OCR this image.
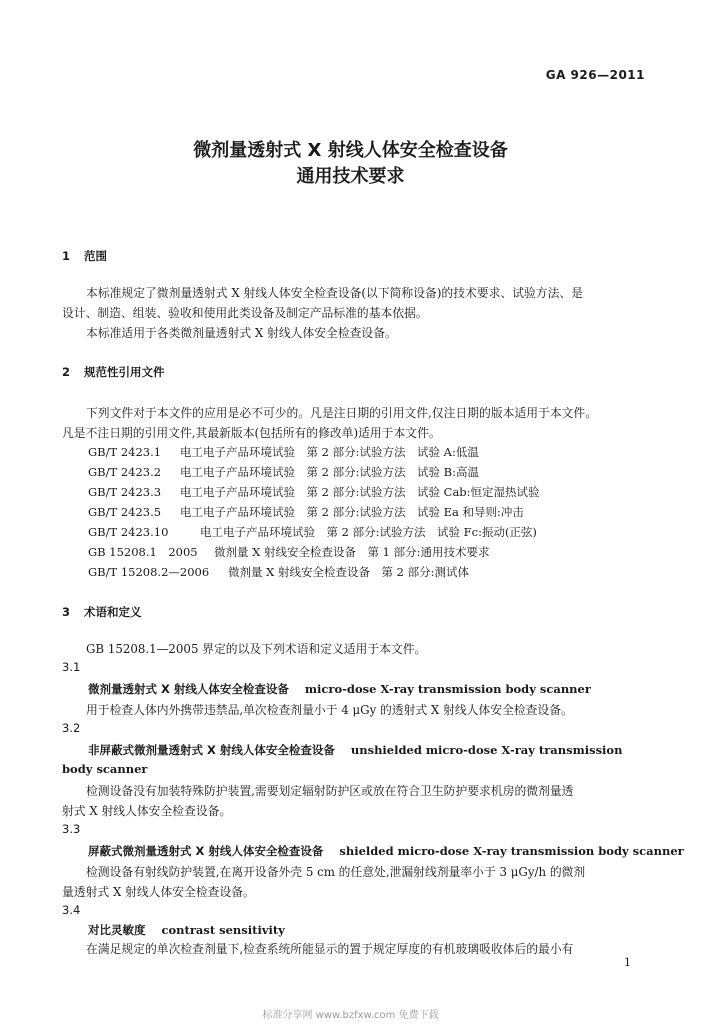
GA 926—2011
微剂量透射式 X 射线人体安全检查设备
通用技术要求
1 范围
本标准规定了微剂量透射式 X 射线人体安全检查设备(以下简称设备)的技术要求、试验方法、是
设计、制造、组装、验收和使用此类设备及制定产品标准的基本依据。
本标准适用于各类微剂量透射式 X 射线人体安全检查设备。
2 规范性引用文件
下列文件对于本文件的应用是必不可少的。凡是注日期的引用文件,仅注日期的版本适用于本文件。
凡是不注日期的引用文件,其最新版本(包括所有的修改单)适用于本文件。
GB/T 2423.1 电工电子产品环境试验　第 2 部分:试验方法　试验 A:低温
GB/T 2423.2 电工电子产品环境试验　第 2 部分:试验方法　试验 B:高温
GB/T 2423.3 电工电子产品环境试验　第 2 部分:试验方法　试验 Cab:恒定湿热试验
GB/T 2423.5 电工电子产品环境试验　第 2 部分:试验方法　试验 Ea 和导则:冲击
GB/T 2423.10	电工电子产品环境试验　第 2 部分:试验方法　试验 Fc:振动(正弦)
GB 15208.1　2005 微剂量 X 射线安全检查设备　第 1 部分:通用技术要求
GB/T 15208.2—2006 微剂量 X 射线安全检查设备　第 2 部分:测试体
3 术语和定义
GB 15208.1—2005 界定的以及下列术语和定义适用于本文件。
3.1
微剂量透射式 X 射线人体安全检查设备 micro-dose X-ray transmission body scanner
用于检查人体内外携带违禁品,单次检查剂量小于 4 μGy 的透射式 X 射线人体安全检查设备。
3.2
非屏蔽式微剂量透射式 X 射线人体安全检查设备 unshielded micro-dose X-ray transmission
body scanner
检测设备没有加装特殊防护装置,需要划定辐射防护区或放在符合卫生防护要求机房的微剂量透
射式 X 射线人体安全检查设备。
3.3
屏蔽式微剂量透射式 X 射线人体安全检查设备 shielded micro-dose X-ray transmission body scanner
检测设备有射线防护装置,在离开设备外壳 5 cm 的任意处,泄漏射线剂量率小于 3 μGy/h 的微剂
量透射式 X 射线人体安全检查设备。
3.4
对比灵敏度 contrast sensitivity
在满足规定的单次检查剂量下,检查系统所能显示的置于规定厚度的有机玻璃吸收体后的最小有
1
标准分享网 www.bzfxw.com 免费下载
